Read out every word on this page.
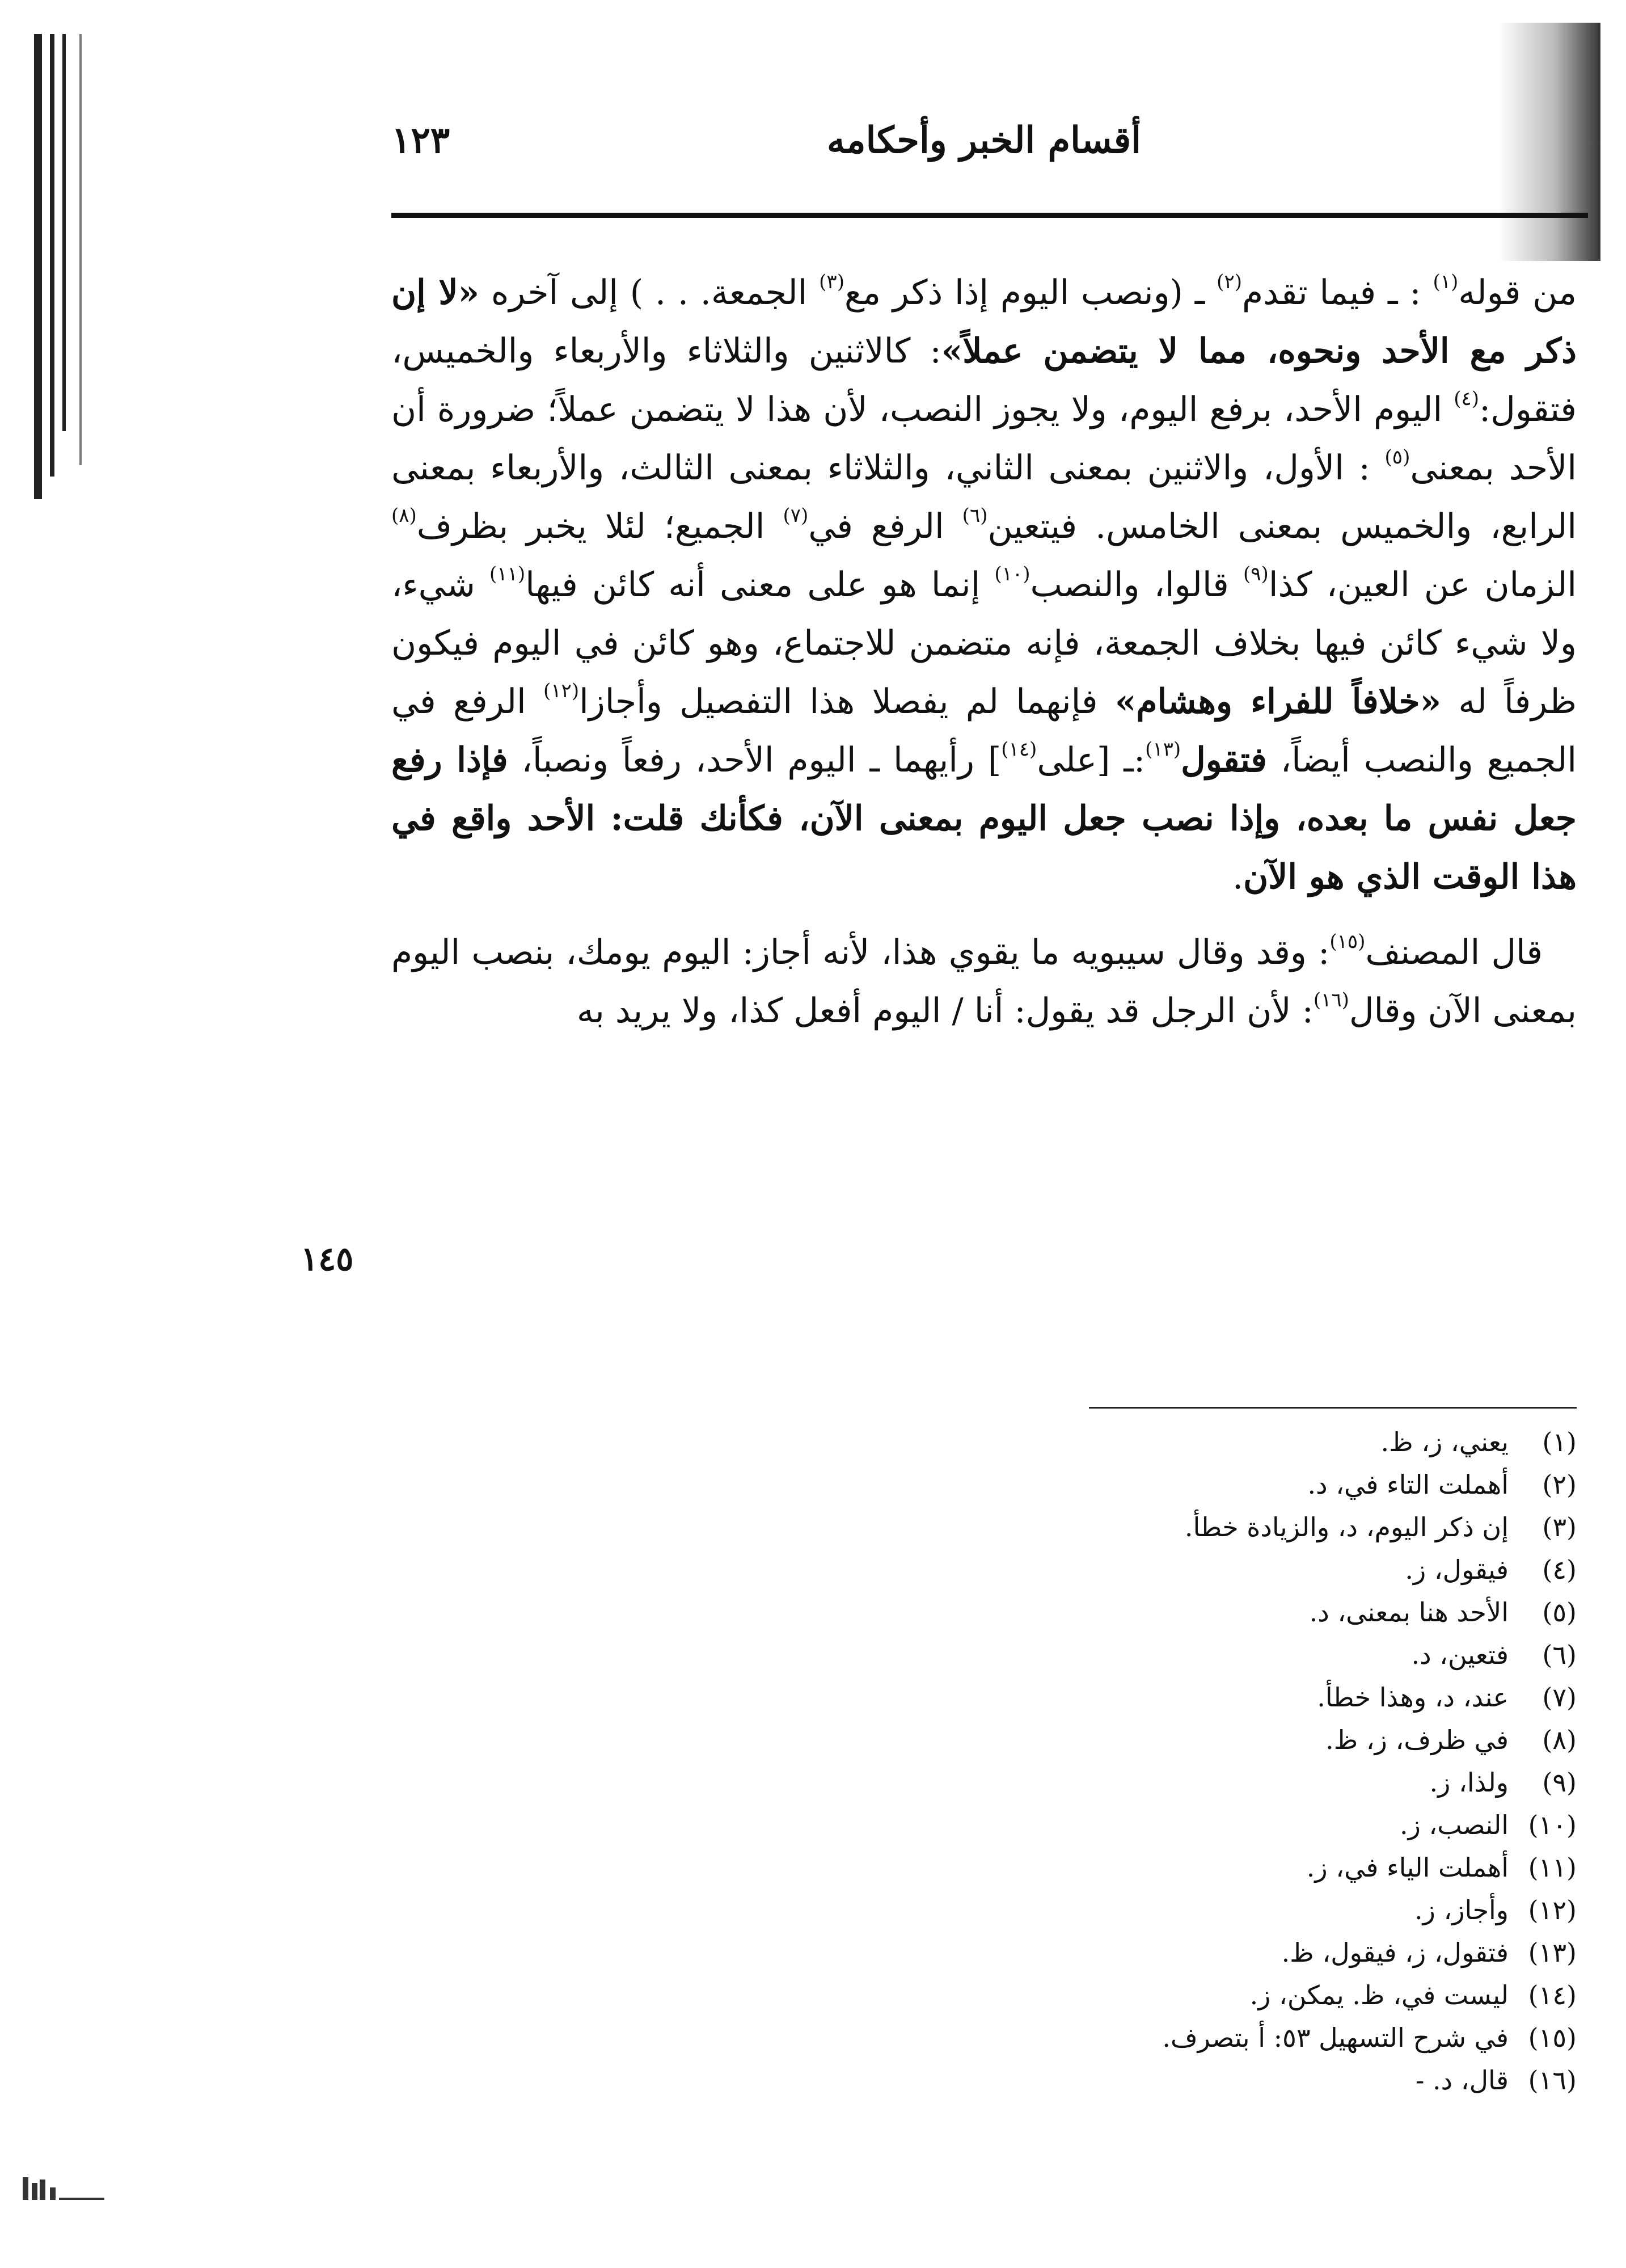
أقسام الخبر وأحكامه
١٢٣

من قوله$^{(١)}$ : ـ فيما تقدم$^{(٢)}$ ـ (ونصب اليوم إذا ذكر مع$^{(٣)}$ الجمعة. . . ) إلى آخره «لا إن ذكر مع الأحد ونحوه، مما لا يتضمن عملاً»: كالاثنين والثلاثاء والأربعاء والخميس، فتقول:$^{(٤)}$ اليوم الأحد، برفع اليوم، ولا يجوز النصب، لأن هذا لا يتضمن عملاً؛ ضرورة أن الأحد بمعنى$^{(٥)}$ : الأول، والاثنين بمعنى الثاني، والثلاثاء بمعنى الثالث، والأربعاء بمعنى الرابع، والخميس بمعنى الخامس. فيتعين$^{(٦)}$ الرفع في$^{(٧)}$ الجميع؛ لئلا يخبر بظرف$^{(٨)}$ الزمان عن العين، كذا$^{(٩)}$ قالوا، والنصب$^{(١٠)}$ إنما هو على معنى أنه كائن فيها$^{(١١)}$ شيء، ولا شيء كائن فيها بخلاف الجمعة، فإنه متضمن للاجتماع، وهو كائن في اليوم فيكون ظرفاً له «خلافاً للفراء وهشام» فإنهما لم يفصلا هذا التفصيل وأجازا$^{(١٢)}$ الرفع في الجميع والنصب أيضاً، فتقول$^{(١٣)}$:ـ [على$^{(١٤)}$] رأيهما ـ اليوم الأحد، رفعاً ونصباً، فإذا رفع جعل نفس ما بعده، وإذا نصب جعل اليوم بمعنى الآن، فكأنك قلت: الأحد واقع في هذا الوقت الذي هو الآن.

قال المصنف$^{(١٥)}$: وقد وقال سيبويه ما يقوي هذا، لأنه أجاز: اليوم يومك، بنصب اليوم بمعنى الآن وقال$^{(١٦)}$: لأن الرجل قد يقول: أنا / اليوم أفعل كذا، ولا يريد به

(١)يعني، ز، ظ.
(٢)أهملت التاء في، د.
(٣)إن ذكر اليوم، د، والزيادة خطأ.
(٤)فيقول، ز.
(٥)الأحد هنا بمعنى، د.
(٦)فتعين، د.
(٧)عند، د، وهذا خطأ.
(٨)في ظرف، ز، ظ.
(٩)ولذا، ز.
(١٠)النصب، ز.
(١١)أهملت الياء في، ز.
(١٢)وأجاز، ز.
(١٣)فتقول، ز، فيقول، ظ.
(١٤)ليست في، ظ. يمكن، ز.
(١٥)في شرح التسهيل ٥٣: أ بتصرف.
(١٦)قال، د. -
١٤٥
